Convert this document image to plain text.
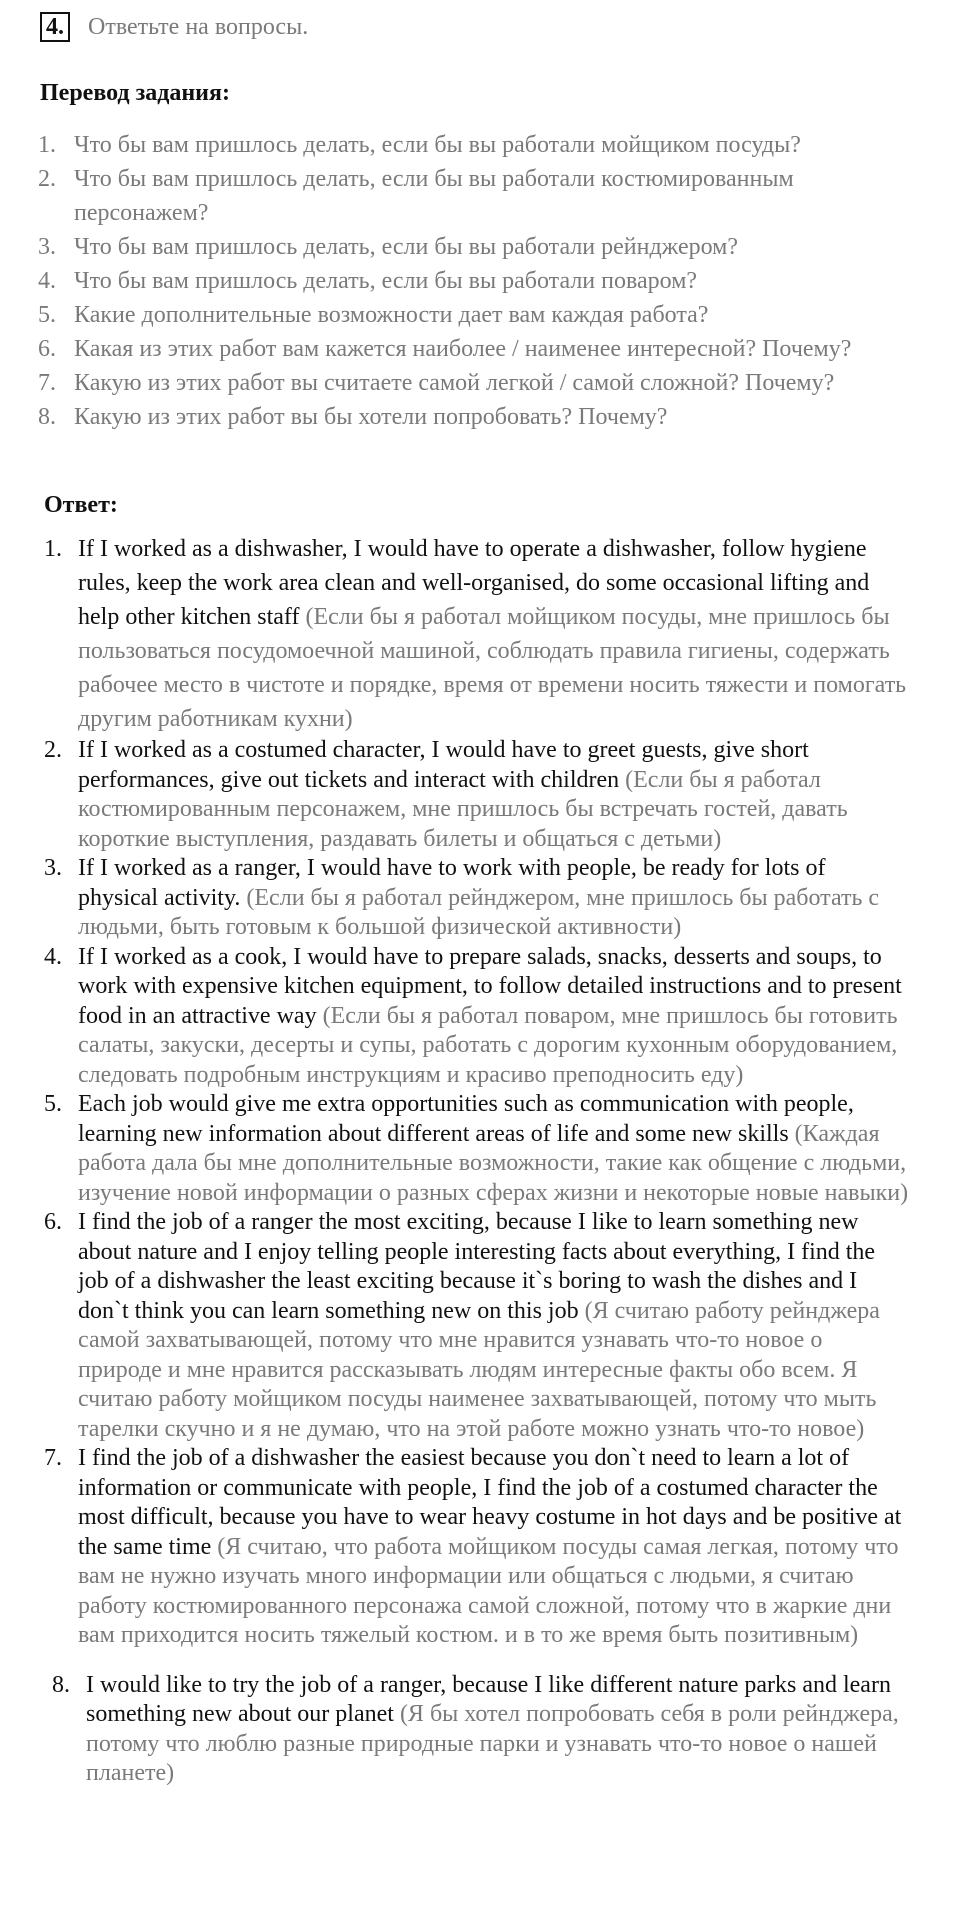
4. Ответьте на вопросы.
Перевод задания:
1. Что бы вам пришлось делать, если бы вы работали мойщиком посуды?
2. Что бы вам пришлось делать, если бы вы работали костюмированным персонажем?
3. Что бы вам пришлось делать, если бы вы работали рейнджером?
4. Что бы вам пришлось делать, если бы вы работали поваром?
5. Какие дополнительные возможности дает вам каждая работа?
6. Какая из этих работ вам кажется наиболее / наименее интересной? Почему?
7. Какую из этих работ вы считаете самой легкой / самой сложной? Почему?
8. Какую из этих работ вы бы хотели попробовать? Почему?
Ответ:
1. If I worked as a dishwasher, I would have to operate a dishwasher, follow hygiene rules, keep the work area clean and well-organised, do some occasional lifting and help other kitchen staff (Если бы я работал мойщиком посуды, мне пришлось бы пользоваться посудомоечной машиной, соблюдать правила гигиены, содержать рабочее место в чистоте и порядке, время от времени носить тяжести и помогать другим работникам кухни)
2. If I worked as a costumed character, I would have to greet guests, give short performances, give out tickets and interact with children (Если бы я работал костюмированным персонажем, мне пришлось бы встречать гостей, давать короткие выступления, раздавать билеты и общаться с детьми)
3. If I worked as a ranger, I would have to work with people, be ready for lots of physical activity. (Если бы я работал рейнджером, мне пришлось бы работать с людьми, быть готовым к большой физической активности)
4. If I worked as a cook, I would have to prepare salads, snacks, desserts and soups, to work with expensive kitchen equipment, to follow detailed instructions and to present food in an attractive way (Если бы я работал поваром, мне пришлось бы готовить салаты, закуски, десерты и супы, работать с дорогим кухонным оборудованием, следовать подробным инструкциям и красиво преподносить еду)
5. Each job would give me extra opportunities such as communication with people, learning new information about different areas of life and some new skills (Каждая работа дала бы мне дополнительные возможности, такие как общение с людьми, изучение новой информации о разных сферах жизни и некоторые новые навыки)
6. I find the job of a ranger the most exciting, because I like to learn something new about nature and I enjoy telling people interesting facts about everything, I find the job of a dishwasher the least exciting because it`s boring to wash the dishes and I don`t think you can learn something new on this job (Я считаю работу рейнджера самой захватывающей, потому что мне нравится узнавать что-то новое о природе и мне нравится рассказывать людям интересные факты обо всем. Я считаю работу мойщиком посуды наименее захватывающей, потому что мыть тарелки скучно и я не думаю, что на этой работе можно узнать что-то новое)
7. I find the job of a dishwasher the easiest because you don`t need to learn a lot of information or communicate with people, I find the job of a costumed character the most difficult, because you have to wear heavy costume in hot days and be positive at the same time (Я считаю, что работа мойщиком посуды самая легкая, потому что вам не нужно изучать много информации или общаться с людьми, я считаю работу костюмированного персонажа самой сложной, потому что в жаркие дни вам приходится носить тяжелый костюм. и в то же время быть позитивным)
8. I would like to try the job of a ranger, because I like different nature parks and learn something new about our planet (Я бы хотел попробовать себя в роли рейнджера, потому что люблю разные природные парки и узнавать что-то новое о нашей планете)
